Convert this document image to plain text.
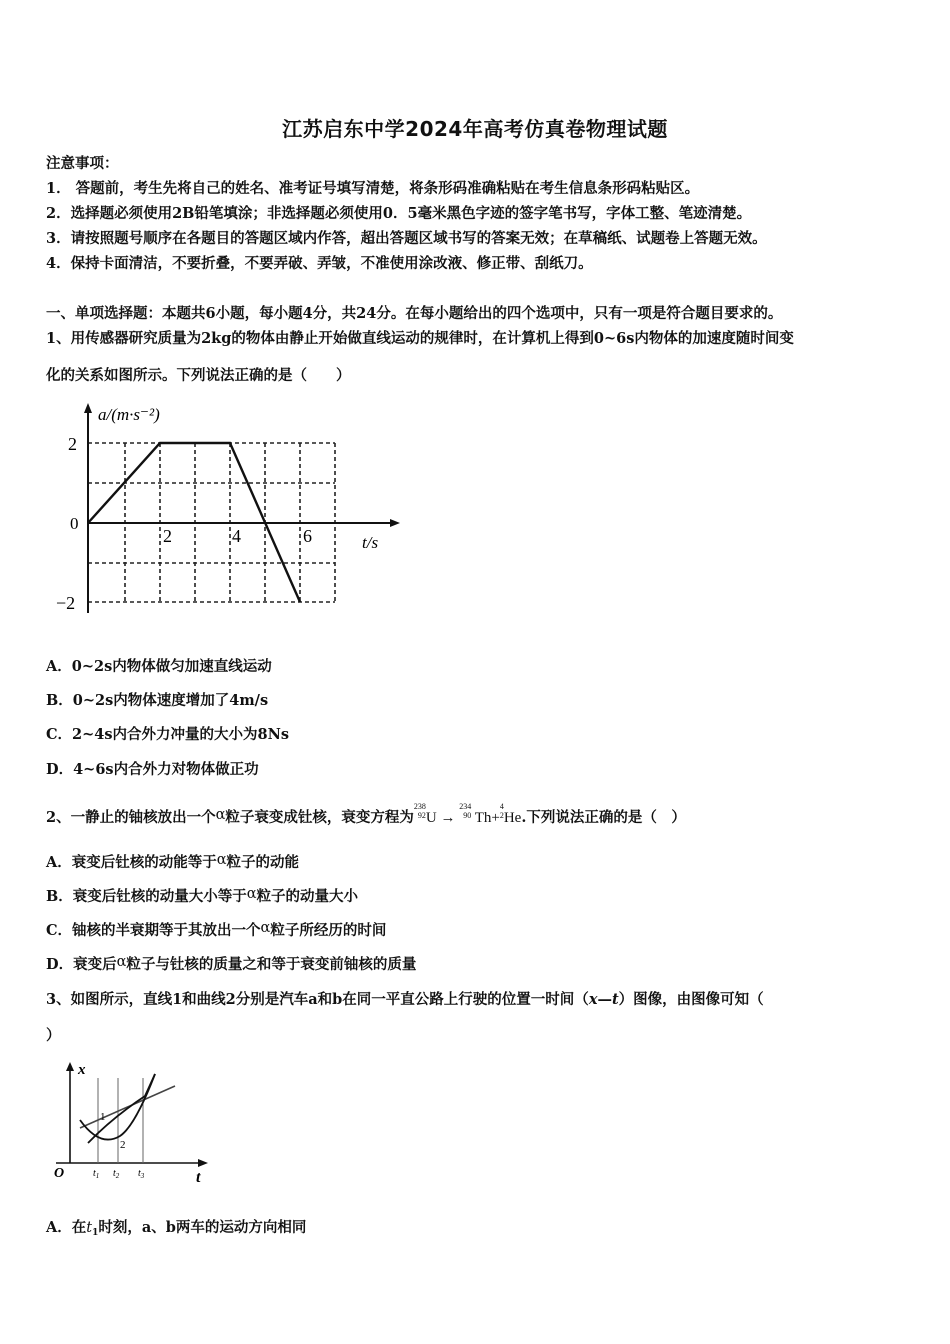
江苏启东中学2024年高考仿真卷物理试题
注意事项：
1． 答题前，考生先将自己的姓名、准考证号填写清楚，将条形码准确粘贴在考生信息条形码粘贴区。
2．选择题必须使用2B铅笔填涂；非选择题必须使用0．5毫米黑色字迹的签字笔书写，字体工整、笔迹清楚。
3．请按照题号顺序在各题目的答题区域内作答，超出答题区域书写的答案无效；在草稿纸、试题卷上答题无效。
4．保持卡面清洁，不要折叠，不要弄破、弄皱，不准使用涂改液、修正带、刮纸刀。
一、单项选择题：本题共6小题，每小题4分，共24分。在每小题给出的四个选项中，只有一项是符合题目要求的。
1、用传感器研究质量为2kg的物体由静止开始做直线运动的规律时，在计算机上得到0~6s内物体的加速度随时间变
化的关系如图所示。下列说法正确的是（　　）
a/(m·s⁻²)
t/s
0
2
−2
2	4	6
A．0~2s内物体做匀加速直线运动
B．0~2s内物体速度增加了4m/s
C．2~4s内合外力冲量的大小为8Ns
D．4~6s内合外力对物体做正功
2、一静止的铀核放出一个α粒子衰变成钍核，衰变方程为238
92U → 234
90 Th+4
2He.下列说法正确的是（　）
A．衰变后钍核的动能等于α粒子的动能
B．衰变后钍核的动量大小等于α粒子的动量大小
C．铀核的半衰期等于其放出一个α粒子所经历的时间
D．衰变后α粒子与钍核的质量之和等于衰变前铀核的质量
3、如图所示，直线1和曲线2分别是汽车a和b在同一平直公路上行驶的位置一时间（x—t）图像，由图像可知（
）
x
t
O
1
2
$t_1$ $t_2$ $t_3$
A．在$t_1$时刻，a、b两车的运动方向相同
